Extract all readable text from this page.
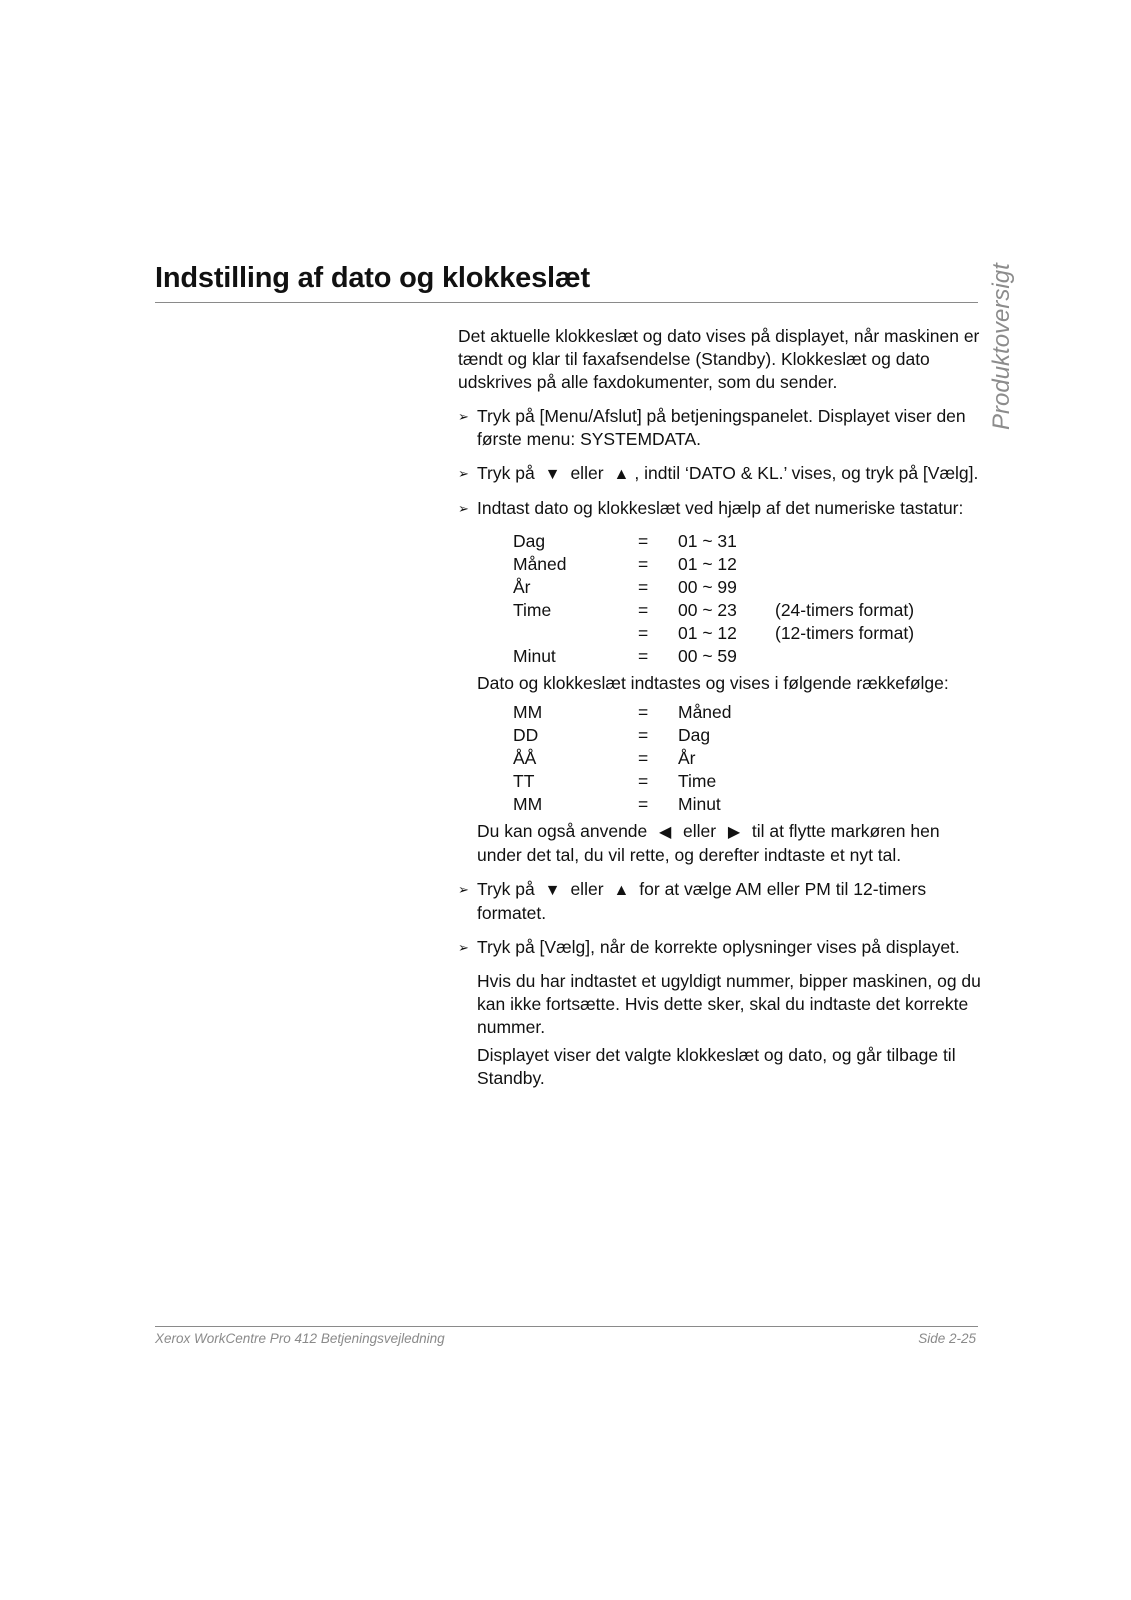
Indstilling af dato og klokkeslæt	Produktoversigt

Det aktuelle klokkeslæt og dato vises på displayet, når maskinen er tændt og klar til faxafsendelse (Standby). Klokkeslæt og dato udskrives på alle faxdokumenter, som du sender.

➢ Tryk på [Menu/Afslut] på betjeningspanelet. Displayet viser den første menu: SYSTEMDATA.

➢ Tryk på ▼ eller ▲ , indtil ‘DATO & KL.’ vises, og tryk på [Vælg].

➢ Indtast dato og klokkeslæt ved hjælp af det numeriske tastatur:

Dag	= 01 ~ 31
Måned	= 01 ~ 12
År	= 00 ~ 99
Time	= 00 ~ 23 (24-timers format)
= 01 ~ 12 (12-timers format)
Minut	= 00 ~ 59

Dato og klokkeslæt indtastes og vises i følgende rækkefølge:

MM	= Måned
DD	= Dag
ÅÅ	= År
TT	= Time
MM	= Minut

Du kan også anvende ◀ eller ▶ til at flytte markøren hen under det tal, du vil rette, og derefter indtaste et nyt tal.

➢ Tryk på ▼ eller ▲ for at vælge AM eller PM til 12-timers formatet.

➢ Tryk på [Vælg], når de korrekte oplysninger vises på displayet.

Hvis du har indtastet et ugyldigt nummer, bipper maskinen, og du kan ikke fortsætte. Hvis dette sker, skal du indtaste det korrekte nummer.

Displayet viser det valgte klokkeslæt og dato, og går tilbage til Standby.

Xerox WorkCentre Pro 412 Betjeningsvejledning	Side 2-25
